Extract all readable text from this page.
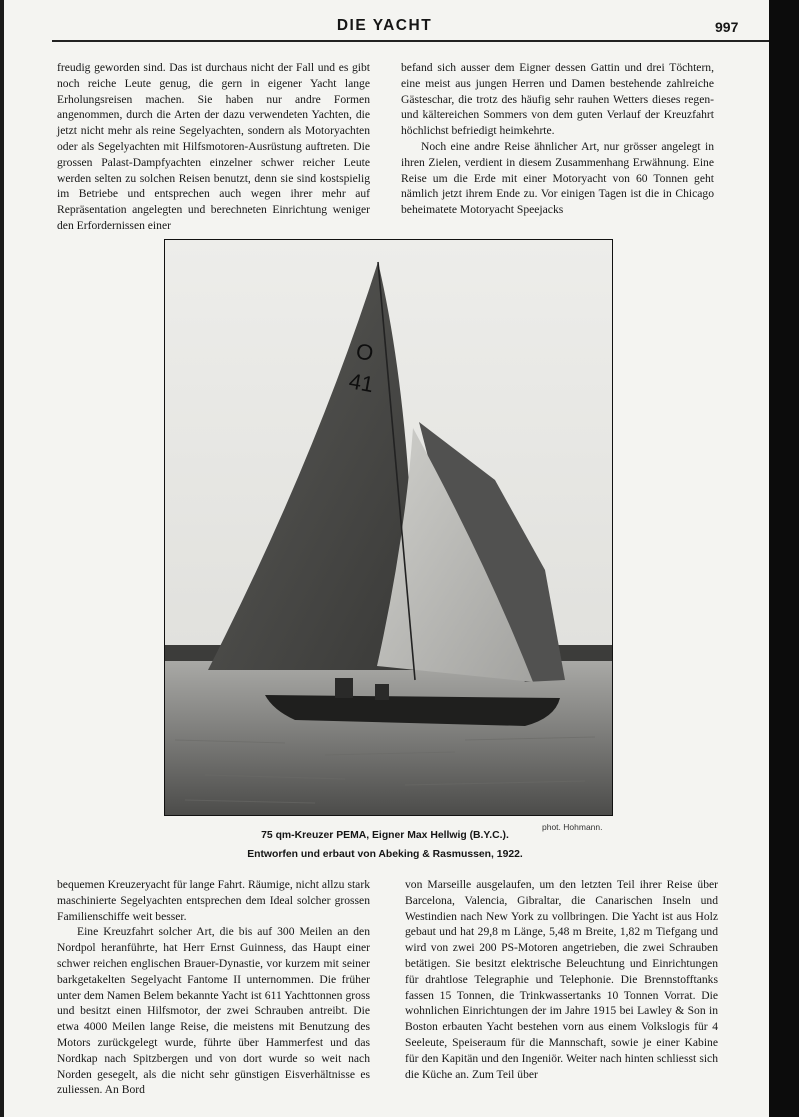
DIE YACHT	997

freudig geworden sind. Das ist durchaus nicht der Fall und es gibt noch reiche Leute genug, die gern in eigener Yacht lange Erholungsreisen machen. Sie haben nur andre Formen angenommen, durch die Arten der dazu verwendeten Yachten, die jetzt nicht mehr als reine Segelyachten, sondern als Motoryachten oder als Segelyachten mit Hilfsmotoren-Ausrüstung auftreten. Die grossen Palast-Dampfyachten einzelner schwer reicher Leute werden selten zu solchen Reisen benutzt, denn sie sind kostspielig im Betriebe und entsprechen auch wegen ihrer mehr auf Repräsentation angelegten und berechneten Einrichtung weniger den Erfordernissen einer

befand sich ausser dem Eigner dessen Gattin und drei Töchtern, eine meist aus jungen Herren und Damen bestehende zahlreiche Gästeschar, die trotz des häufig sehr rauhen Wetters dieses regen- und kältereichen Sommers von dem guten Verlauf der Kreuzfahrt höchlichst befriedigt heimkehrte.

Noch eine andre Reise ähnlicher Art, nur grösser angelegt in ihren Zielen, verdient in diesem Zusammenhang Erwähnung. Eine Reise um die Erde mit einer Motoryacht von 60 Tonnen geht nämlich jetzt ihrem Ende zu. Vor einigen Tagen ist die in Chicago beheimatete Motoryacht Speejacks

O
41
phot. Hohmann.
75 qm-Kreuzer PEMA, Eigner Max Hellwig (B.Y.C.).
Entworfen und erbaut von Abeking & Rasmussen, 1922.

bequemen Kreuzeryacht für lange Fahrt. Räumige, nicht allzu stark maschinierte Segelyachten entsprechen dem Ideal solcher grossen Familienschiffe weit besser.

Eine Kreuzfahrt solcher Art, die bis auf 300 Meilen an den Nordpol heranführte, hat Herr Ernst Guinness, das Haupt einer schwer reichen englischen Brauer-Dynastie, vor kurzem mit seiner barkgetakelten Segelyacht Fantome II unternommen. Die früher unter dem Namen Belem bekannte Yacht ist 611 Yachttonnen gross und besitzt einen Hilfsmotor, der zwei Schrauben antreibt. Die etwa 4000 Meilen lange Reise, die meistens mit Benutzung des Motors zurückgelegt wurde, führte über Hammerfest und das Nordkap nach Spitzbergen und von dort wurde so weit nach Norden gesegelt, als die nicht sehr günstigen Eisverhältnisse es zuliessen. An Bord

von Marseille ausgelaufen, um den letzten Teil ihrer Reise über Barcelona, Valencia, Gibraltar, die Canarischen Inseln und Westindien nach New York zu vollbringen. Die Yacht ist aus Holz gebaut und hat 29,8 m Länge, 5,48 m Breite, 1,82 m Tiefgang und wird von zwei 200 PS-Motoren angetrieben, die zwei Schrauben betätigen. Sie besitzt elektrische Beleuchtung und Einrichtungen für drahtlose Telegraphie und Telephonie. Die Brennstofftanks fassen 15 Tonnen, die Trinkwassertanks 10 Tonnen Vorrat. Die wohnlichen Einrichtungen der im Jahre 1915 bei Lawley & Son in Boston erbauten Yacht bestehen vorn aus einem Volkslogis für 4 Seeleute, Speiseraum für die Mannschaft, sowie je einer Kabine für den Kapitän und den Ingeniör. Weiter nach hinten schliesst sich die Küche an. Zum Teil über
